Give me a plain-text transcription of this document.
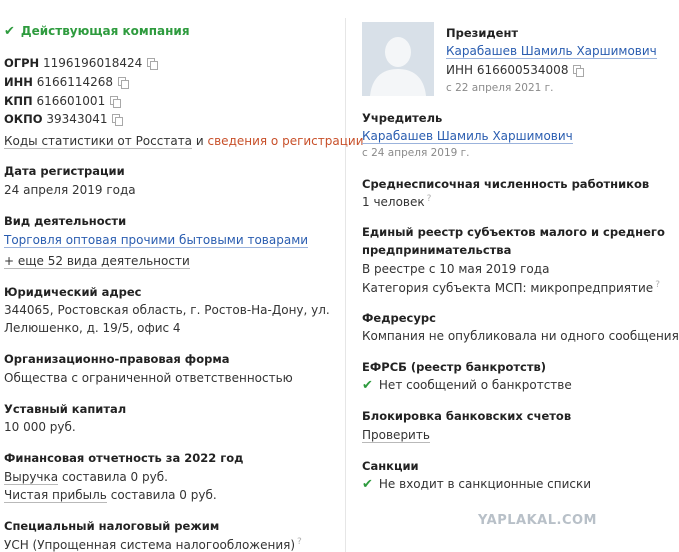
✔ Действующая компания
ОГРН 1196196018424
ИНН 6166114268
КПП 616601001
ОКПО 39343041
Коды статистики от Росстата и сведения о регистрации
Дата регистрации
24 апреля 2019 года
Вид деятельности
Торговля оптовая прочими бытовыми товарами
+ еще 52 вида деятельности
Юридический адрес
344065, Ростовская область, г. Ростов-На-Дону, ул.
Лелюшенко, д. 19/5, офис 4
Организационно-правовая форма
Общества с ограниченной ответственностью
Уставный капитал
10 000 руб.
Финансовая отчетность за 2022 год
Выручка составила 0 руб.
Чистая прибыль составила 0 руб.
Специальный налоговый режим
УСН (Упрощенная система налогообложения) ?
Президент
Карабашев Шамиль Харшимович
ИНН 616600534008
с 22 апреля 2021 г.
Учредитель
Карабашев Шамиль Харшимович
с 24 апреля 2019 г.
Среднесписочная численность работников
1 человек ?
Единый реестр субъектов малого и среднего
предпринимательства
В реестре с 10 мая 2019 года
Категория субъекта МСП: микропредприятие ?
Федресурс
Компания не опубликовала ни одного сообщения
ЕФРСБ (реестр банкротств)
✔ Нет сообщений о банкротстве
Блокировка банковских счетов
Проверить
Санкции
✔ Не входит в санкционные списки
YAPLAKAL.COM
